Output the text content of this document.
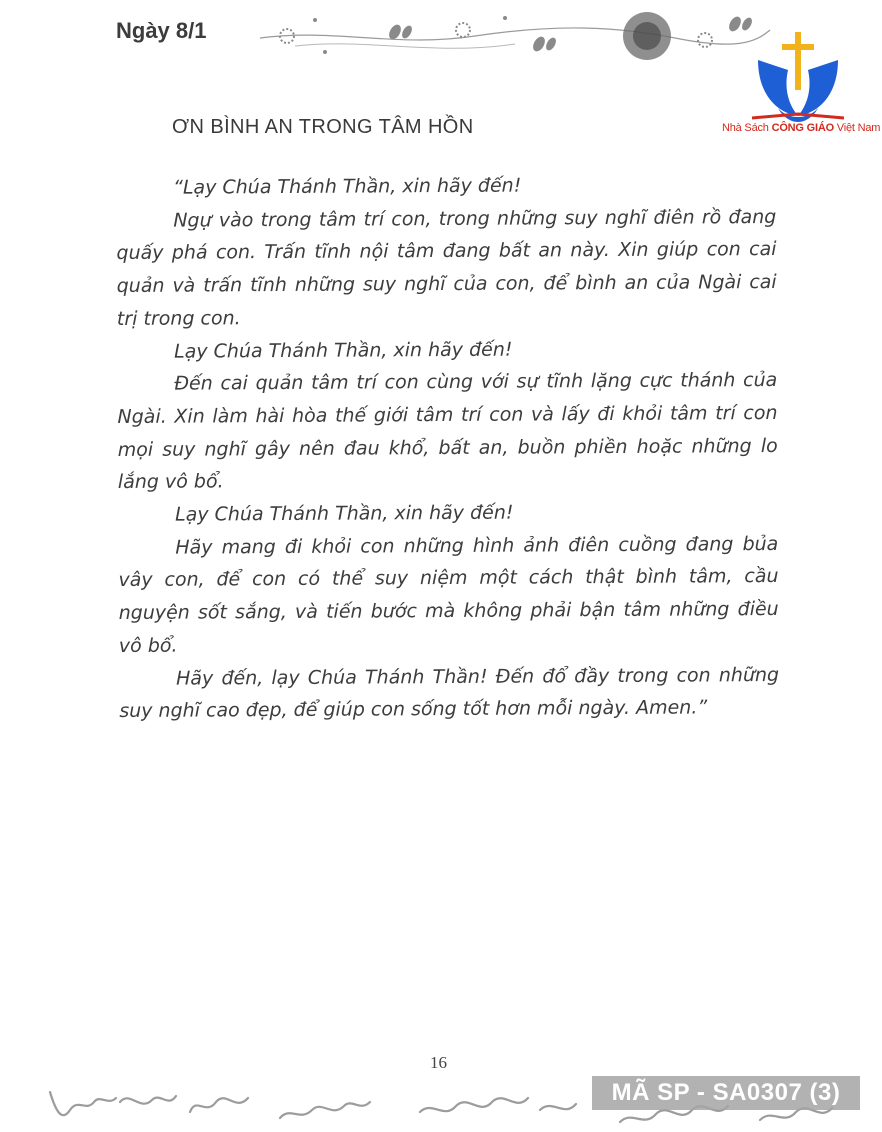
Ngày 8/1
Nhà Sách CÔNG GIÁO Việt Nam
ƠN BÌNH AN TRONG TÂM HỒN

“Lạy Chúa Thánh Thần, xin hãy đến!

Ngự vào trong tâm trí con, trong những suy nghĩ điên rồ đang quấy phá con. Trấn tĩnh nội tâm đang bất an này. Xin giúp con cai quản và trấn tĩnh những suy nghĩ của con, để bình an của Ngài cai trị trong con.

Lạy Chúa Thánh Thần, xin hãy đến!

Đến cai quản tâm trí con cùng với sự tĩnh lặng cực thánh của Ngài. Xin làm hài hòa thế giới tâm trí con và lấy đi khỏi tâm trí con mọi suy nghĩ gây nên đau khổ, bất an, buồn phiền hoặc những lo lắng vô bổ.

Lạy Chúa Thánh Thần, xin hãy đến!

Hãy mang đi khỏi con những hình ảnh điên cuồng đang bủa vây con, để con có thể suy niệm một cách thật bình tâm, cầu nguyện sốt sắng, và tiến bước mà không phải bận tâm những điều vô bổ.

Hãy đến, lạy Chúa Thánh Thần! Đến đổ đầy trong con những suy nghĩ cao đẹp, để giúp con sống tốt hơn mỗi ngày. Amen.”

16
MÃ SP - SA0307 (3)
